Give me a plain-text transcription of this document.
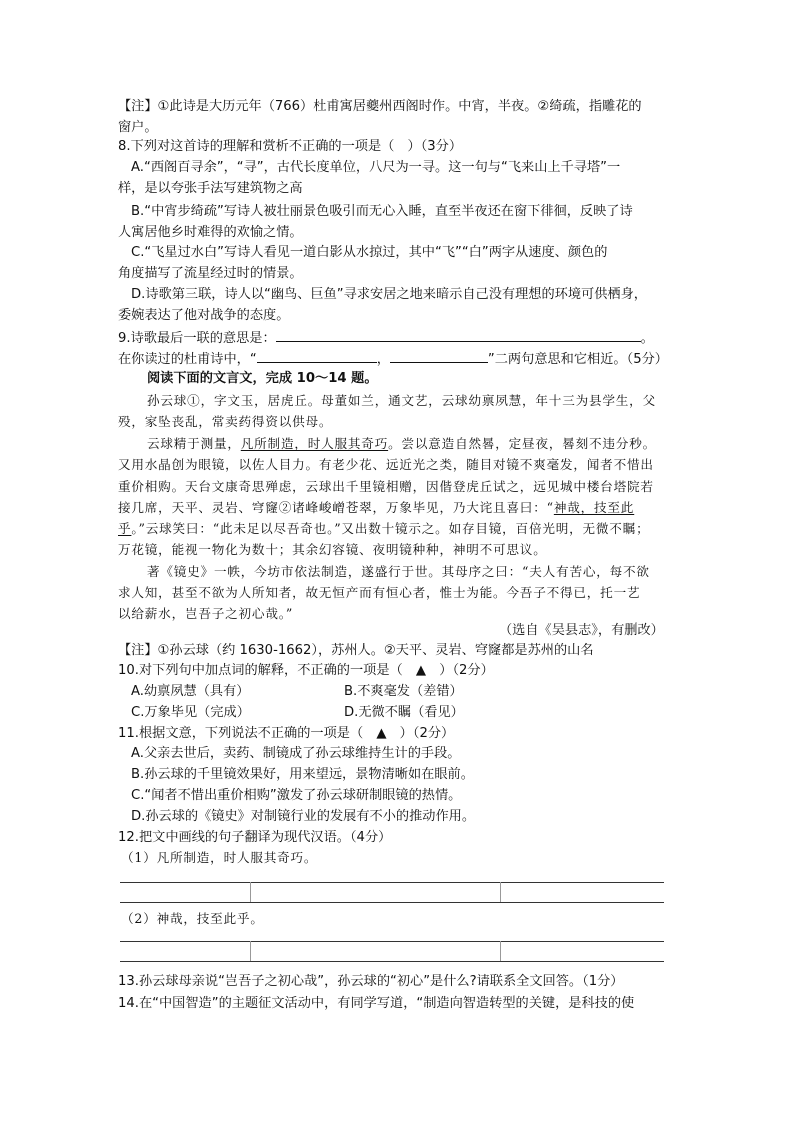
【注】①此诗是大历元年（766）杜甫寓居夔州西阁时作。中宵，半夜。②绮疏，指雕花的
窗户。
8.下列对这首诗的理解和赏析不正确的一项是（　）（3分）
A.“西阁百寻余”，“寻”，古代长度单位，八尺为一寻。这一句与“飞来山上千寻塔”一
样，是以夸张手法写建筑物之高
B.“中宵步绮疏”写诗人被壮丽景色吸引而无心入睡，直至半夜还在窗下徘徊，反映了诗
人寓居他乡时难得的欢愉之情。
C.“飞星过水白”写诗人看见一道白影从水掠过，其中“飞”“白”两字从速度、颜色的
角度描写了流星经过时的情景。
D.诗歌第三联，诗人以“幽鸟、巨鱼”寻求安居之地来暗示自己没有理想的环境可供栖身，
委婉表达了他对战争的态度。
9.诗歌最后一联的意思是：	。
在你读过的杜甫诗中，“	，	”二两句意思和它相近。（5分）
阅读下面的文言文，完成 10～14 题。
孙云球①，字文玉，居虎丘。母董如兰，通文艺，云球幼禀夙慧，年十三为县学生，父
殁，家坠丧乱，常卖药得资以供母。
云球精于测量，凡所制造，时人服其奇巧。尝以意造自然晷，定昼夜，晷刻不违分秒。
又用水晶创为眼镜，以佐人目力。有老少花、远近光之类，随目对镜不爽毫发，闻者不惜出
重价相购。天台文康奇思殚虑，云球出千里镜相赠，因偕登虎丘试之，远见城中楼台塔院若
接几席，天平、灵岩、穹窿②诸峰峻嶒苍翠，万象毕见，乃大诧且喜曰：“神哉，技至此
乎。”云球笑曰：“此未足以尽吾奇也。”又出数十镜示之。如存目镜，百倍光明，无微不瞩；
万花镜，能视一物化为数十；其余幻容镜、夜明镜种种，神明不可思议。
著《镜史》一帙，今坊市依法制造，遂盛行于世。其母序之曰：“夫人有苦心，每不欲
求人知，甚至不欲为人所知者，故无恒产而有恒心者，惟士为能。今吾子不得已，托一艺
以给薪水，岂吾子之初心哉。”
（选自《吴县志》，有删改）
【注】①孙云球（约 1630-1662），苏州人。②天平、灵岩、穹窿都是苏州的山名
10.对下列句中加点词的解释，不正确的一项是（　▲　）（2分）
A.幼禀夙慧（具有）	B.不爽毫发（差错）
C.万象毕见（完成）	D.无微不瞩（看见）
11.根据文意，下列说法不正确的一项是（　▲　）（2分）
A.父亲去世后，卖药、制镜成了孙云球维持生计的手段。
B.孙云球的千里镜效果好，用来望远，景物清晰如在眼前。
C.“闻者不惜出重价相购”激发了孙云球研制眼镜的热情。
D.孙云球的《镜史》对制镜行业的发展有不小的推动作用。
12.把文中画线的句子翻译为现代汉语。（4分）
（1）凡所制造，时人服其奇巧。
（2）神哉，技至此乎。
13.孙云球母亲说“岂吾子之初心哉”，孙云球的“初心”是什么?请联系全文回答。（1分）
14.在“中国智造”的主题征文活动中，有同学写道，“制造向智造转型的关键，是科技的使
